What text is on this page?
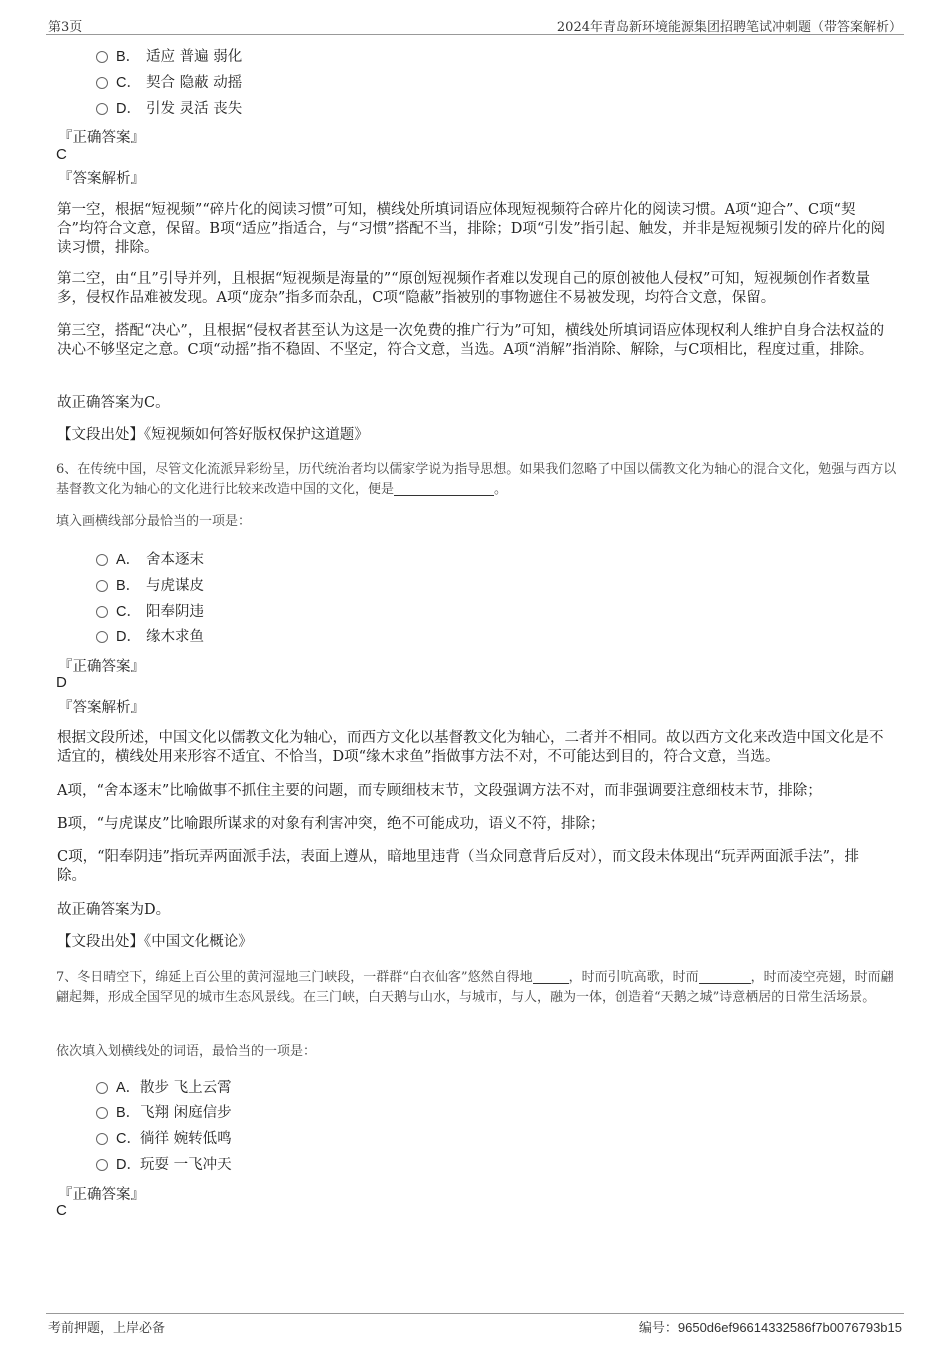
第3页	2024年青岛新环境能源集团招聘笔试冲刺题（带答案解析）
B． 适应 普遍 弱化
C． 契合 隐蔽 动摇
D． 引发 灵活 丧失
『正确答案』
C
『答案解析』
第一空，根据“短视频”“碎片化的阅读习惯”可知，横线处所填词语应体现短视频符合碎片化的阅读习惯。A项“迎合”、C项“契合”均符合文意，保留。B项“适应”指适合，与“习惯”搭配不当，排除；D项“引发”指引起、触发，并非是短视频引发的碎片化的阅读习惯，排除。
第二空，由“且”引导并列，且根据“短视频是海量的”“原创短视频作者难以发现自己的原创被他人侵权”可知，短视频创作者数量多，侵权作品难被发现。A项“庞杂”指多而杂乱，C项“隐蔽”指被别的事物遮住不易被发现，均符合文意，保留。
第三空，搭配“决心”，且根据“侵权者甚至认为这是一次免费的推广行为”可知，横线处所填词语应体现权利人维护自身合法权益的决心不够坚定之意。C项“动摇”指不稳固、不坚定，符合文意，当选。A项“消解”指消除、解除，与C项相比，程度过重，排除。
故正确答案为C。
【文段出处】《短视频如何答好版权保护这道题》
6、在传统中国，尽管文化流派异彩纷呈，历代统治者均以儒家学说为指导思想。如果我们忽略了中国以儒教文化为轴心的混合文化，勉强与西方以基督教文化为轴心的文化进行比较来改造中国的文化，便是	。
填入画横线部分最恰当的一项是：
A． 舍本逐末
B． 与虎谋皮
C． 阳奉阴违
D． 缘木求鱼
『正确答案』
D
『答案解析』
根据文段所述，中国文化以儒教文化为轴心，而西方文化以基督教文化为轴心，二者并不相同。故以西方文化来改造中国文化是不适宜的，横线处用来形容不适宜、不恰当，D项“缘木求鱼”指做事方法不对，不可能达到目的，符合文意，当选。
A项，“舍本逐末”比喻做事不抓住主要的问题，而专顾细枝末节，文段强调方法不对，而非强调要注意细枝末节，排除；
B项，“与虎谋皮”比喻跟所谋求的对象有利害冲突，绝不可能成功，语义不符，排除；
C项，“阳奉阴违”指玩弄两面派手法，表面上遵从，暗地里违背（当众同意背后反对），而文段未体现出“玩弄两面派手法”，排除。
故正确答案为D。
【文段出处】《中国文化概论》
7、冬日晴空下，绵延上百公里的黄河湿地三门峡段，一群群“白衣仙客”悠然自得地	，时而引吭高歌，时而	，时而凌空亮翅，时而翩翩起舞，形成全国罕见的城市生态风景线。在三门峡，白天鹅与山水，与城市，与人，融为一体，创造着“天鹅之城”诗意栖居的日常生活场景。
依次填入划横线处的词语，最恰当的一项是：
A．散步 飞上云霄
B．飞翔 闲庭信步
C．徜徉 婉转低鸣
D．玩耍 一飞冲天
『正确答案』
C
考前押题，上岸必备	编号：9650d6ef96614332586f7b0076793b15
